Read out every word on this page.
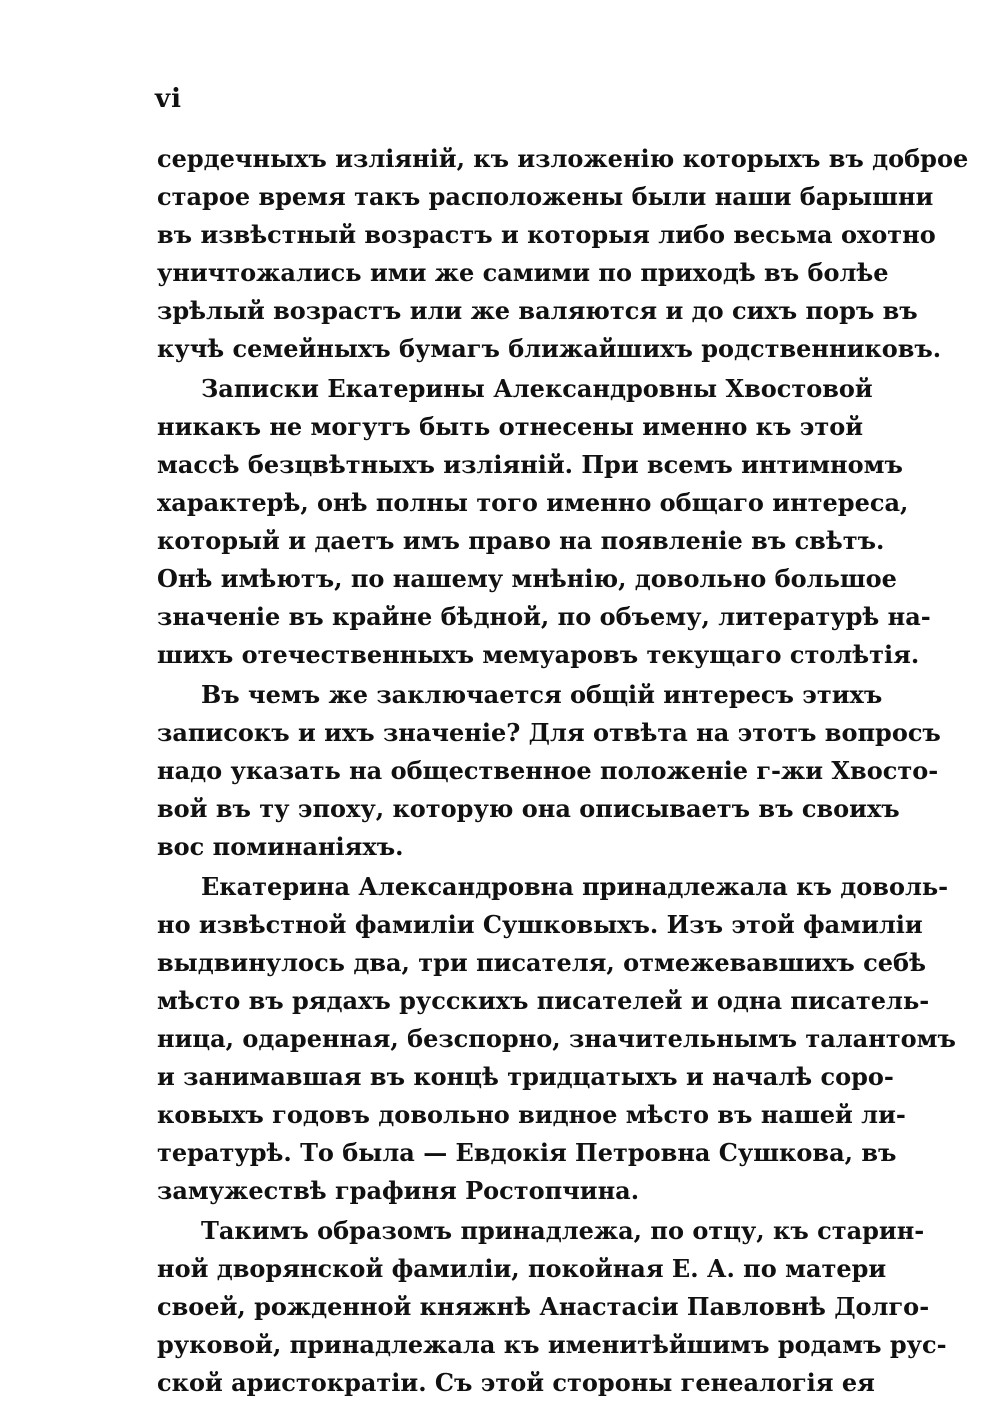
vi
сердечныхъ изліяній, къ изложенію которыхъ въ доброе
старое время такъ расположены были наши барышни
въ извѣстный возрастъ и которыя либо весьма охотно
уничтожались ими же самими по приходѣ въ болѣе
зрѣлый возрастъ или же валяются и до сихъ поръ въ
кучѣ семейныхъ бумагъ ближайшихъ родственниковъ.
Записки Екатерины Александровны Хвостовой
никакъ не могутъ быть отнесены именно къ этой
массѣ безцвѣтныхъ изліяній. При всемъ интимномъ
характерѣ, онѣ полны того именно общаго интереса,
который и даетъ имъ право на появленіе въ свѣтъ.
Онѣ имѣютъ, по нашему мнѣнію, довольно большое
значеніе въ крайне бѣдной, по объему, литературѣ на-
шихъ отечественныхъ мемуаровъ текущаго столѣтія.
Въ чемъ же заключается общій интересъ этихъ
записокъ и ихъ значеніе? Для отвѣта на этотъ вопросъ
надо указать на общественное положеніе г-жи Хвосто-
вой въ ту эпоху, которую она описываетъ въ своихъ
вос поминаніяхъ.
Екатерина Александровна принадлежала къ доволь-
но извѣстной фамиліи Сушковыхъ. Изъ этой фамиліи
выдвинулось два, три писателя, отмежевавшихъ себѣ
мѣсто въ рядахъ русскихъ писателей и одна писатель-
ница, одаренная, безспорно, значительнымъ талантомъ
и занимавшая въ концѣ тридцатыхъ и началѣ соро-
ковыхъ годовъ довольно видное мѣсто въ нашей ли-
тературѣ. То была — Евдокія Петровна Сушкова, въ
замужествѣ графиня Ростопчина.
Такимъ образомъ принадлежа, по отцу, къ старин-
ной дворянской фамиліи, покойная Е. А. по матери
своей, рожденной княжнѣ Анастасіи Павловнѣ Долго-
руковой, принадлежала къ именитѣйшимъ родамъ рус-
ской аристократіи. Съ этой стороны генеалогія ея
